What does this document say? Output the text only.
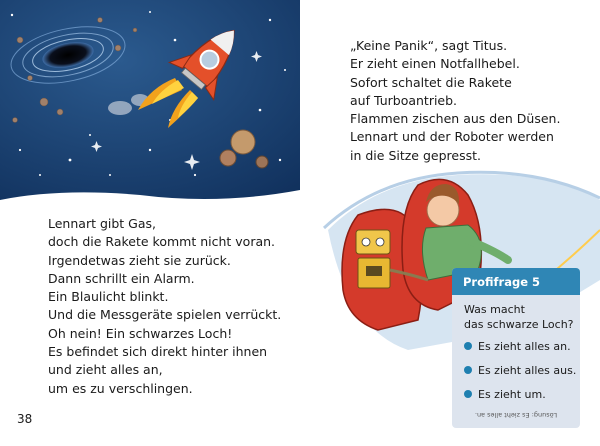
Lennart gibt Gas,
doch die Rakete kommt nicht voran.
Irgendetwas zieht sie zurück.
Dann schrillt ein Alarm.
Ein Blaulicht blinkt.
Und die Messgeräte spielen verrückt.
Oh nein! Ein schwarzes Loch!
Es befindet sich direkt hinter ihnen
und zieht alles an,
um es zu verschlingen.
„Keine Panik“, sagt Titus.
Er zieht einen Notfallhebel.
Sofort schaltet die Rakete
auf Turboantrieb.
Flammen zischen aus den Düsen.
Lennart und der Roboter werden
in die Sitze gepresst.
Profifrage 5
Was macht
das schwarze Loch?
Es zieht alles an.
Es zieht alles aus.
Es zieht um.
Lösung: Es zieht alles an.
38
